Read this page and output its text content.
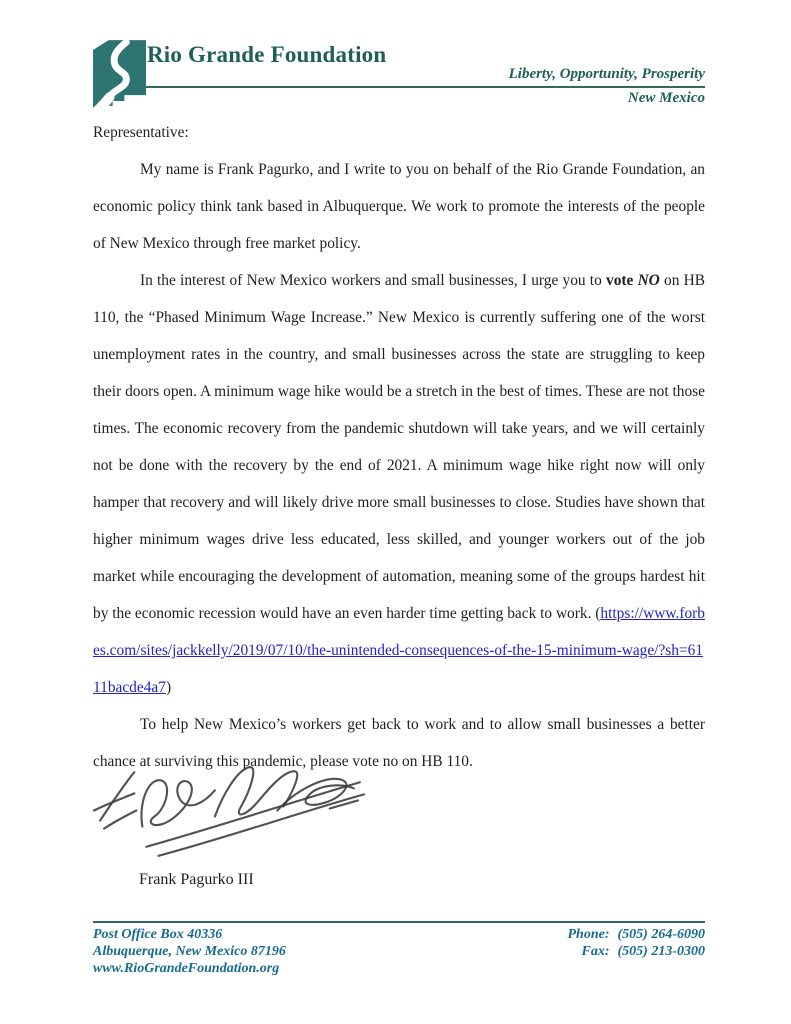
Rio Grande Foundation
Liberty, Opportunity, Prosperity
New Mexico

Representative:

My name is Frank Pagurko, and I write to you on behalf of the Rio Grande Foundation, an economic policy think tank based in Albuquerque. We work to promote the interests of the people of New Mexico through free market policy.

In the interest of New Mexico workers and small businesses, I urge you to vote NO on HB 110, the “Phased Minimum Wage Increase.” New Mexico is currently suffering one of the worst unemployment rates in the country, and small businesses across the state are struggling to keep their doors open. A minimum wage hike would be a stretch in the best of times. These are not those times. The economic recovery from the pandemic shutdown will take years, and we will certainly not be done with the recovery by the end of 2021. A minimum wage hike right now will only hamper that recovery and will likely drive more small businesses to close. Studies have shown that higher minimum wages drive less educated, less skilled, and younger workers out of the job market while encouraging the development of automation, meaning some of the groups hardest hit by the economic recession would have an even harder time getting back to work. (https://www.forbes.com/sites/jackkelly/2019/07/10/the-unintended-consequences-of-the-15-minimum-wage/?sh=6111bacde4a7)

To help New Mexico’s workers get back to work and to allow small businesses a better chance at surviving this pandemic, please vote no on HB 110.

Frank Pagurko III
Post Office Box 40336
Albuquerque, New Mexico 87196
www.RioGrandeFoundation.org
Phone: (505) 264-6090
Fax: (505) 213-0300
